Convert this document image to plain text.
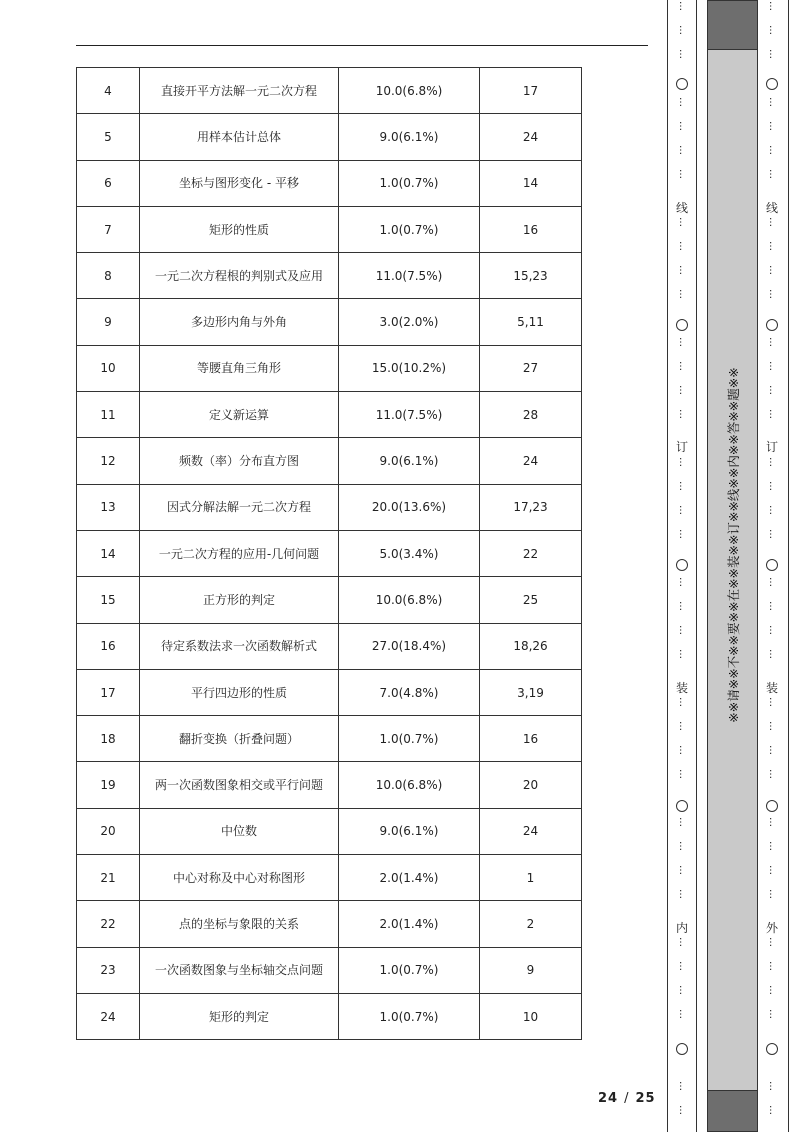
4	直接开平方法解一元二次方程	10.0(6.8%)	17
5	用样本估计总体	9.0(6.1%)	24
6	坐标与图形变化 - 平移	1.0(0.7%)	14
7	矩形的性质	1.0(0.7%)	16
8	一元二次方程根的判别式及应用	11.0(7.5%)	15,23
9	多边形内角与外角	3.0(2.0%)	5,11
10	等腰直角三角形	15.0(10.2%)	27
11	定义新运算	11.0(7.5%)	28
12	频数（率）分布直方图	9.0(6.1%)	24
13	因式分解法解一元二次方程	20.0(13.6%)	17,23
14	一元二次方程的应用-几何问题	5.0(3.4%)	22
15	正方形的判定	10.0(6.8%)	25
16	待定系数法求一次函数解析式	27.0(18.4%)	18,26
17	平行四边形的性质	7.0(4.8%)	3,19
18	翻折变换（折叠问题）	1.0(0.7%)	16
19	两一次函数图象相交或平行问题	10.0(6.8%)	20
20	中位数	9.0(6.1%)	24
21	中心对称及中心对称图形	2.0(1.4%)	1
22	点的坐标与象限的关系	2.0(1.4%)	2
23	一次函数图象与坐标轴交点问题	1.0(0.7%)	9
24	矩形的判定	1.0(0.7%)	10
24 / 25
线
订
装
内
…
…
…
…
…
…
…
…
…
…
…
…
…
…
…
…
…
…
…
…
…
…
…
…
…
…
…
…
…
…
…
…
…
…
…
…
…
线
订
装
外
…
…
…
…
…
…
…
…
…
…
…
…
…
…
…
…
…
…
…
…
…
…
…
…
…
…
…
…
…
…
…
…
…
…
…
…
…
※※请※※不※※要※※在※※装※※订※※线※※内※※答※※题※※
